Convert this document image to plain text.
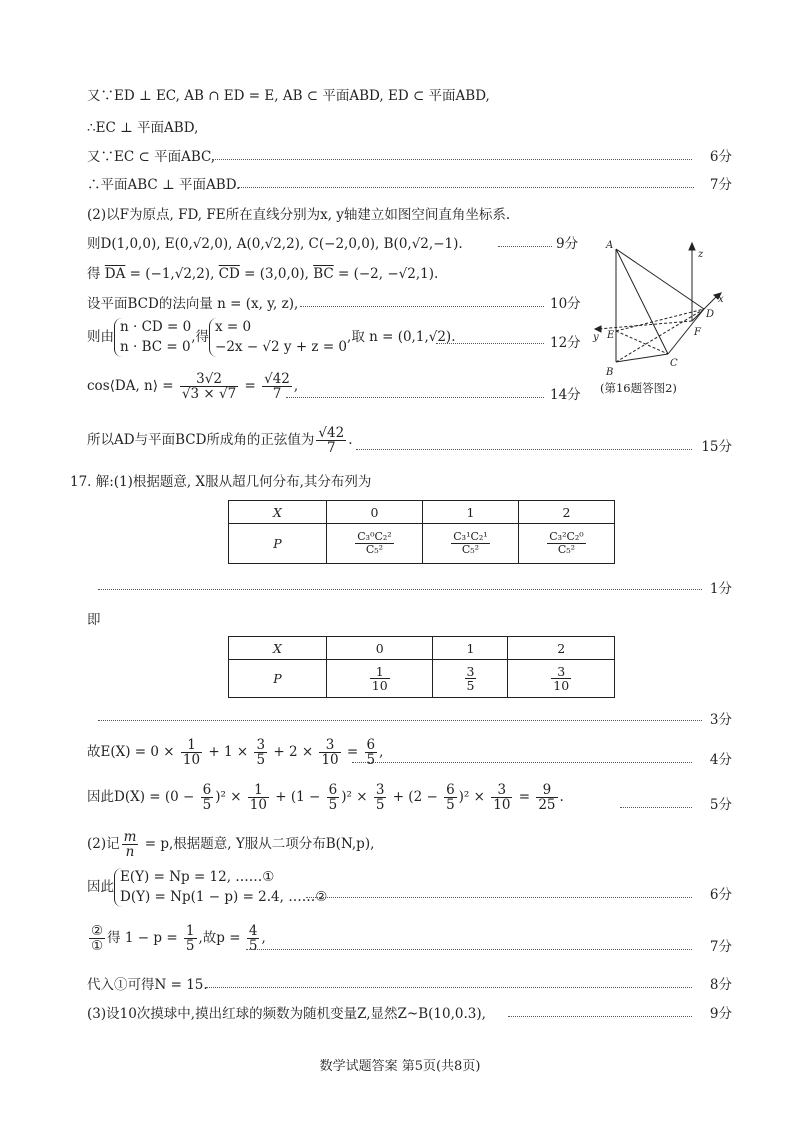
又∵ED ⊥ EC, AB ∩ ED = E, AB ⊂ 平面ABD, ED ⊂ 平面ABD,
∴EC ⊥ 平面ABD,
又∵EC ⊂ 平面ABC,	6分
∴平面ABC ⊥ 平面ABD.	7分
(2)以F为原点, FD, FE所在直线分别为x, y轴建立如图空间直角坐标系.
则D(1,0,0), E(0,√2,0), A(0,√2,2), C(−2,0,0), B(0,√2,−1).	9分
得 $\overline{DA} = (-1,√2,2)$, $\overline{CD} = (3,0,0)$, $\overline{BC} = (-2$, −√2,1).
设平面BCD的法向量 n = (x, y, z),	10分
则由
n · CD = 0
n · BC = 0
,得
x = 0
−2x − √2 y + z = 0
,取 n = (0,1,√2).	12分
cos⟨DA, n⟩ = $\frac{3√2}{√3 \times √7} = \frac{√42}{7}$ ,
14分
所以AD与平面BCD所成角的正弦值为 $\frac{√42}{7}$ .	15分
A
B
C
D
E	F
x
y
z
(第16题答图2)
17. 解:(1)根据题意, X服从超几何分布,其分布列为
X	0	1	2
P	$\frac{\text{C₃⁰C₂²}}{\text{C₅²}}$	$\frac{\text{C₃¹C₂¹}}{\text{C₅²}}$	$\frac{\text{C₃²C₂⁰}}{\text{C₅²}}$
1分
即
X	0	1	2
P	$\frac{1}{10}$	$\frac{3}{5}$	$\frac{3}{10}$
3分
故$E(X) = 0 \times \frac{1}{10} + 1 \times \frac{3}{5} + 2 \times \frac{3}{10} = \frac{6}{5}$ ,	4分
因此$D(X) = (0 - \frac{6}{5} )^2 \times \frac{1}{10} + (1 - \frac{6}{5} )^2 \times \frac{3}{5} + (2 - \frac{6}{5} )^2 \times \frac{3}{10} = \frac{9}{25}$ .	5分
(2)记 $\frac{m}{n} = p$,根据题意, Y服从二项分布B(N,p),
因此
E(Y) = Np = 12, ……①
D(Y) = Np(1 − p) = 2.4, ……②	6分
$\frac{\text{②}}{\text{①}}$ 得 $1 - p = \frac{1}{5}$ ,故$p = \frac{4}{5}$ ,
7分
代入①可得N = 15.	8分
(3)设10次摸球中,摸出红球的频数为随机变量Z,显然Z~B(10,0.3),	9分
数学试题答案 第5页(共8页)
